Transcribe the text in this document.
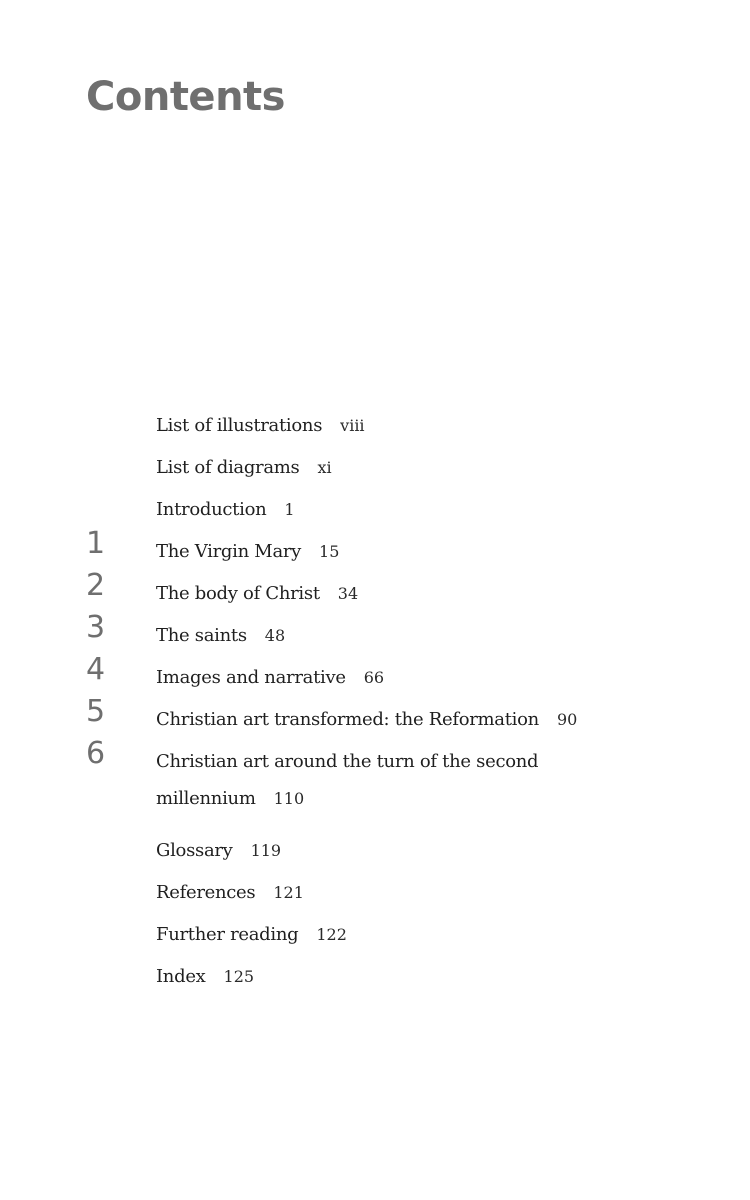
Contents
List of illustrations viii
List of diagrams xi
Introduction 1
1	The Virgin Mary 15
2	The body of Christ 34
3	The saints 48
4	Images and narrative 66
5	Christian art transformed: the Reformation 90
6	Christian art around the turn of the second millennium 110
Glossary 119
References 121
Further reading 122
Index 125
